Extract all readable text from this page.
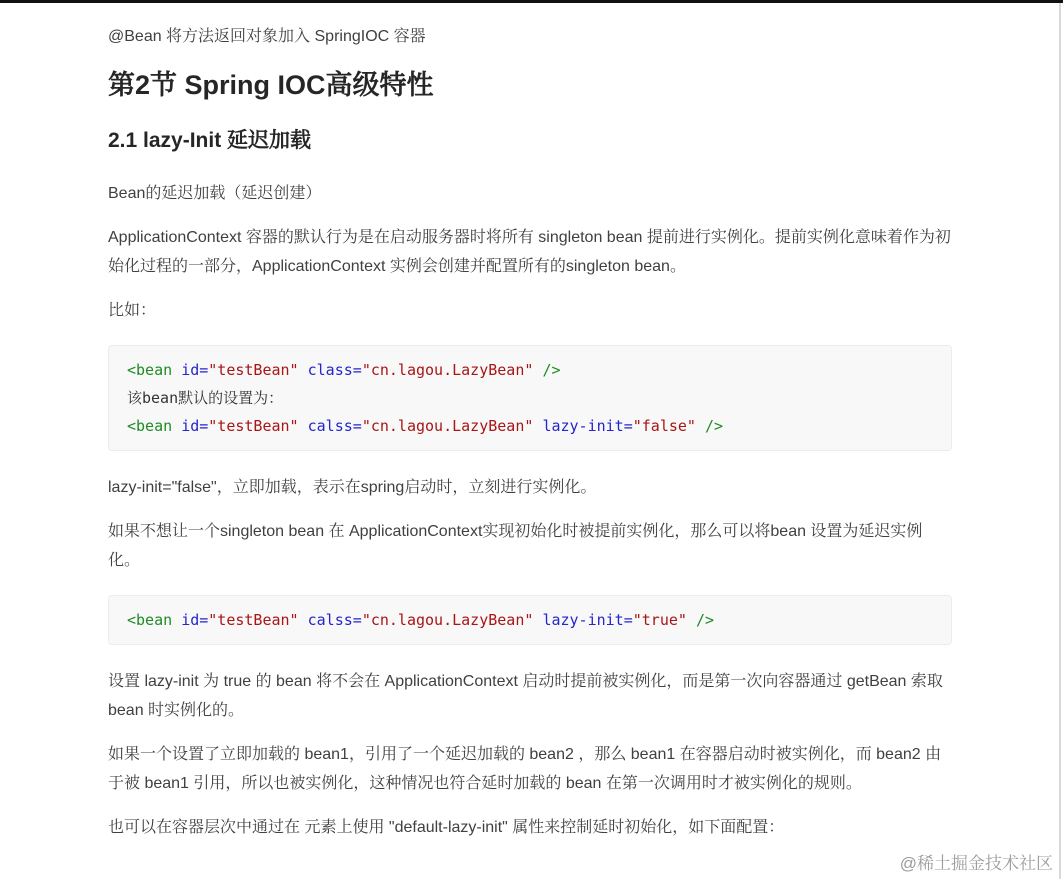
@Bean 将方法返回对象加入 SpringIOC 容器

第2节 Spring IOC高级特性
2.1 lazy-Init 延迟加载

Bean的延迟加载（延迟创建）

ApplicationContext 容器的默认行为是在启动服务器时将所有 singleton bean 提前进行实例化。提前实例化意味着作为初始化过程的一部分，ApplicationContext 实例会创建并配置所有的singleton bean。

比如：

<bean id="testBean" class="cn.lagou.LazyBean" />
该bean默认的设置为：
<bean id="testBean" calss="cn.lagou.LazyBean" lazy-init="false" />

lazy-init="false"，立即加载，表示在spring启动时，立刻进行实例化。

如果不想让一个singleton bean 在 ApplicationContext实现初始化时被提前实例化，那么可以将bean 设置为延迟实例化。

<bean id="testBean" calss="cn.lagou.LazyBean" lazy-init="true" />

设置 lazy-init 为 true 的 bean 将不会在 ApplicationContext 启动时提前被实例化，而是第一次向容器通过 getBean 索取 bean 时实例化的。

如果一个设置了立即加载的 bean1，引用了一个延迟加载的 bean2 ，那么 bean1 在容器启动时被实例化，而 bean2 由于被 bean1 引用，所以也被实例化，这种情况也符合延时加载的 bean 在第一次调用时才被实例化的规则。

也可以在容器层次中通过在 元素上使用 "default-lazy-init" 属性来控制延时初始化，如下面配置：

@稀土掘金技术社区
